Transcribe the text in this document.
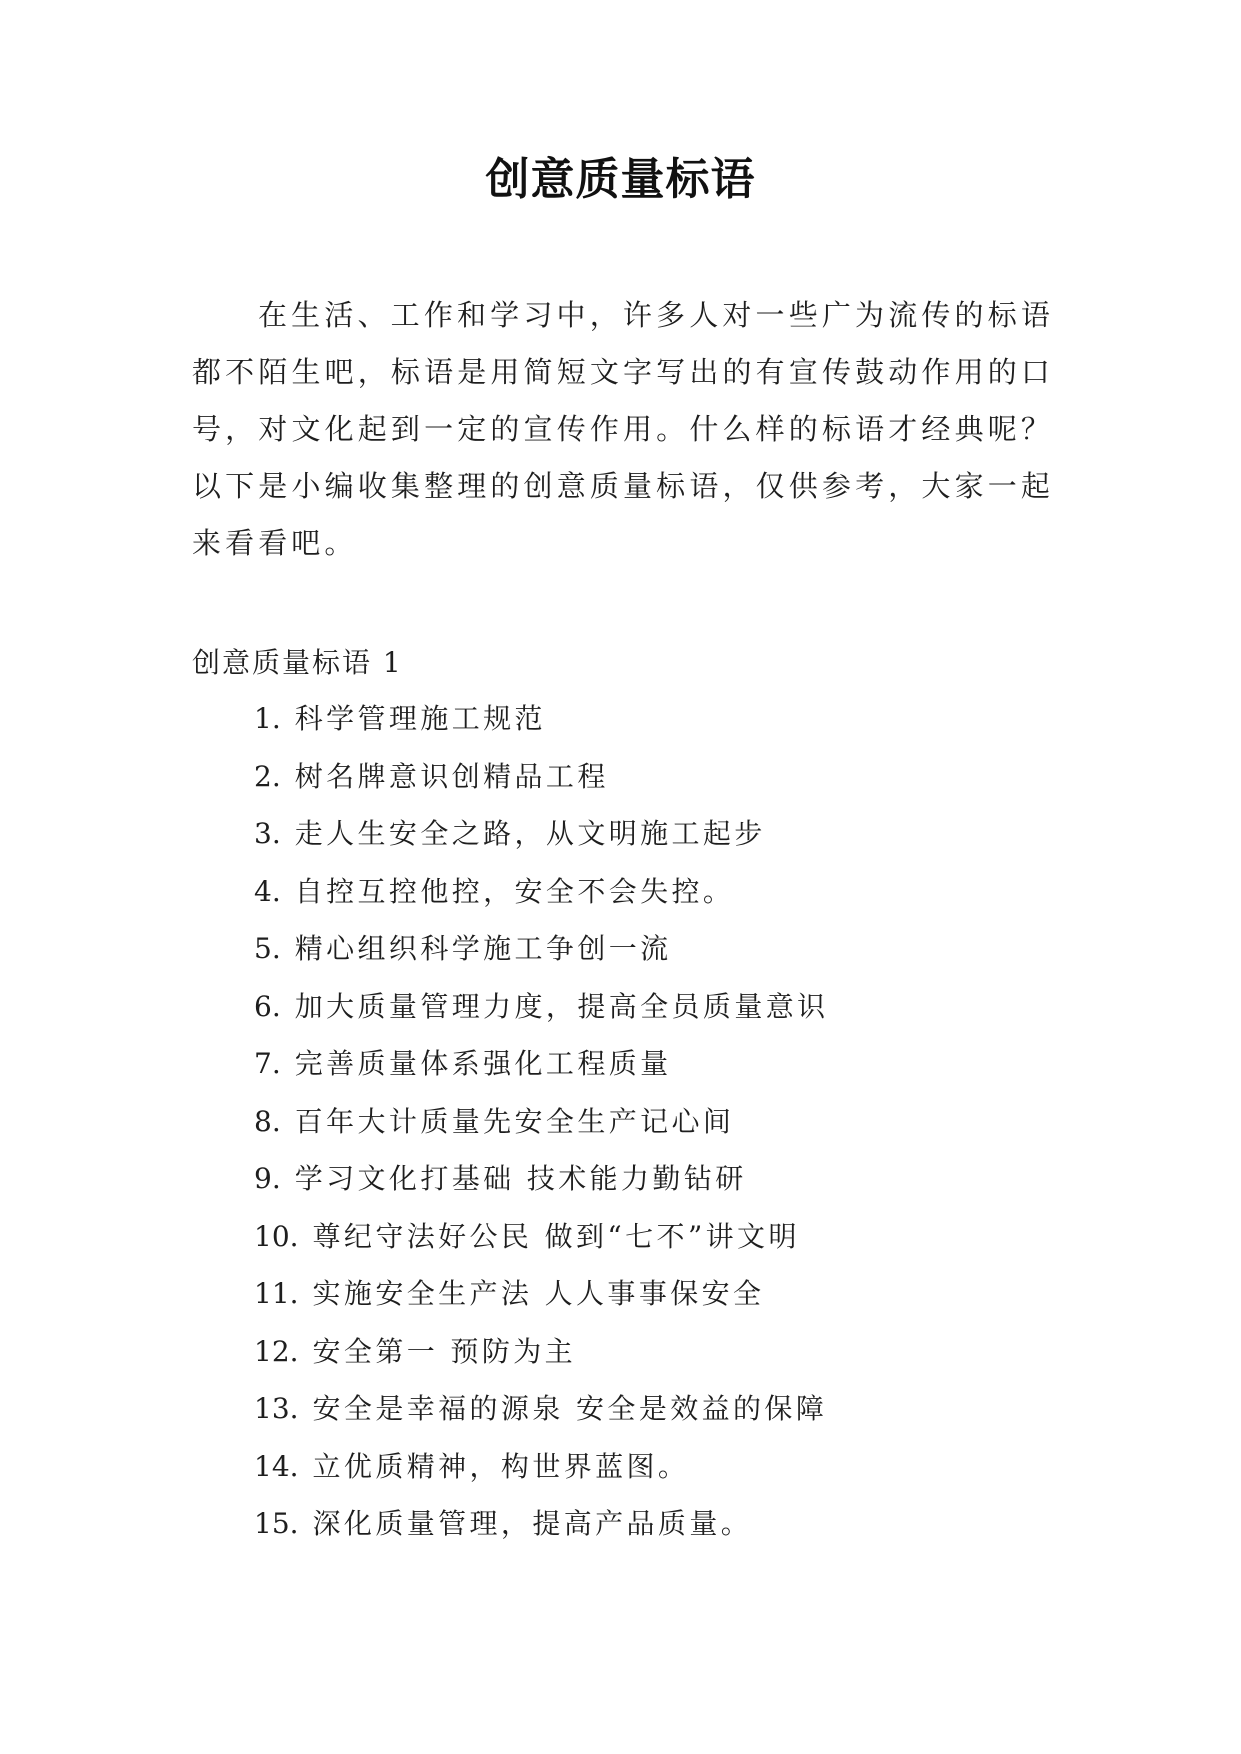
创意质量标语

在生活、工作和学习中，许多人对一些广为流传的标语都不陌生吧，标语是用简短文字写出的有宣传鼓动作用的口号，对文化起到一定的宣传作用。什么样的标语才经典呢？以下是小编收集整理的创意质量标语，仅供参考，大家一起来看看吧。

创意质量标语 1
1. 科学管理施工规范
2. 树名牌意识创精品工程
3. 走人生安全之路，从文明施工起步
4. 自控互控他控，安全不会失控。
5. 精心组织科学施工争创一流
6. 加大质量管理力度，提高全员质量意识
7. 完善质量体系强化工程质量
8. 百年大计质量先安全生产记心间
9. 学习文化打基础 技术能力勤钻研
10. 尊纪守法好公民 做到“七不”讲文明
11. 实施安全生产法 人人事事保安全
12. 安全第一 预防为主
13. 安全是幸福的源泉 安全是效益的保障
14. 立优质精神，构世界蓝图。
15. 深化质量管理，提高产品质量。
